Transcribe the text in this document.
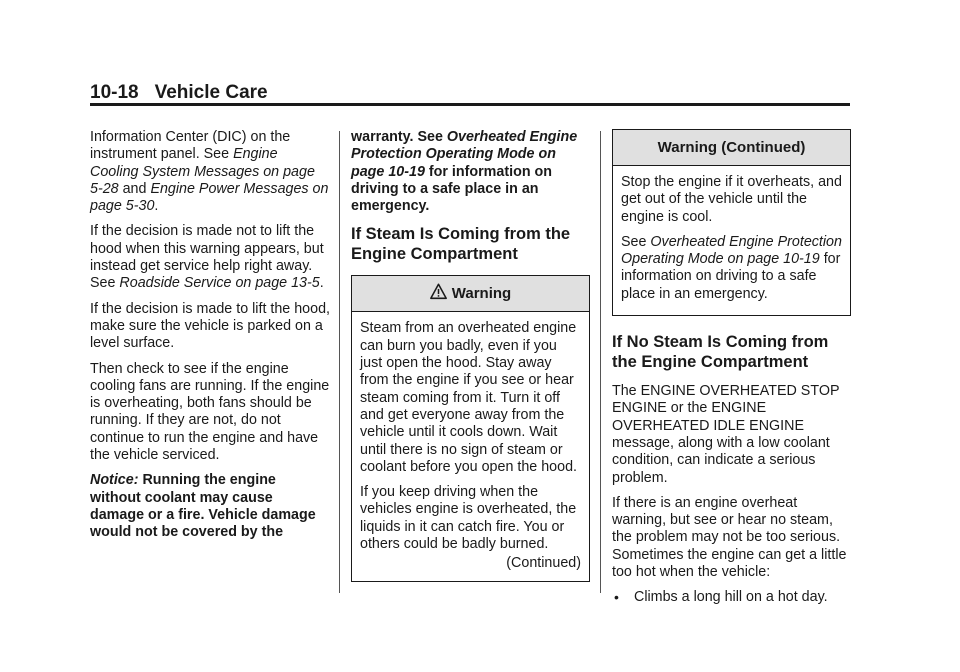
10-18 Vehicle Care

Information Center (DIC) on the instrument panel. See Engine Cooling System Messages on page 5-28 and Engine Power Messages on page 5-30.

If the decision is made not to lift the hood when this warning appears, but instead get service help right away. See Roadside Service on page 13-5.

If the decision is made to lift the hood, make sure the vehicle is parked on a level surface.

Then check to see if the engine cooling fans are running. If the engine is overheating, both fans should be running. If they are not, do not continue to run the engine and have the vehicle serviced.

Notice: Running the engine without coolant may cause damage or a fire. Vehicle damage would not be covered by the

warranty. See Overheated Engine Protection Operating Mode on page 10-19 for information on driving to a safe place in an emergency.

If Steam Is Coming from the Engine Compartment
Warning

Steam from an overheated engine can burn you badly, even if you just open the hood. Stay away from the engine if you see or hear steam coming from it. Turn it off and get everyone away from the vehicle until it cools down. Wait until there is no sign of steam or coolant before you open the hood.

If you keep driving when the vehicles engine is overheated, the liquids in it can catch fire. You or others could be badly burned.

(Continued)
Warning (Continued)

Stop the engine if it overheats, and get out of the vehicle until the engine is cool.

See Overheated Engine Protection Operating Mode on page 10-19 for information on driving to a safe place in an emergency.

If No Steam Is Coming from the Engine Compartment

The ENGINE OVERHEATED STOP ENGINE or the ENGINE OVERHEATED IDLE ENGINE message, along with a low coolant condition, can indicate a serious problem.

If there is an engine overheat warning, but see or hear no steam, the problem may not be too serious. Sometimes the engine can get a little too hot when the vehicle:

• Climbs a long hill on a hot day.
